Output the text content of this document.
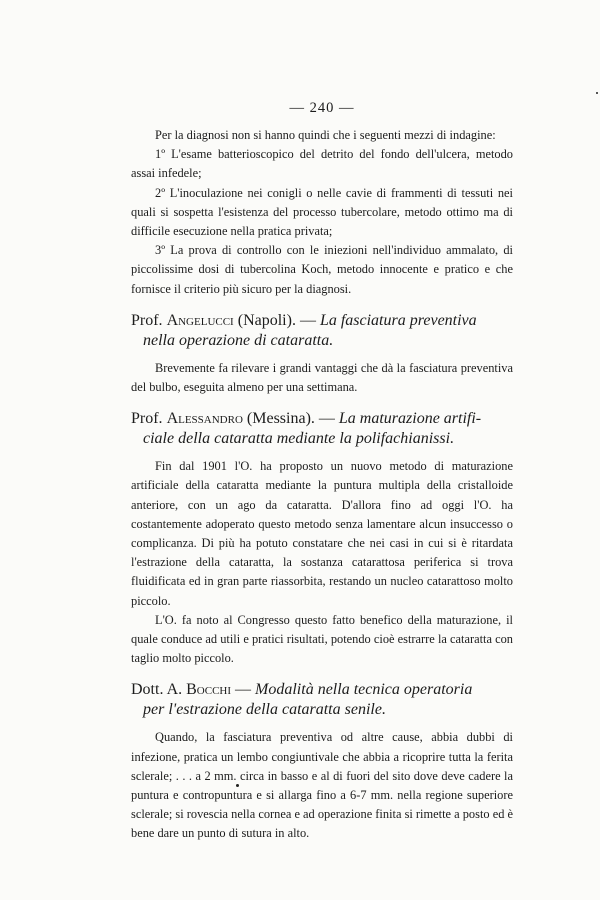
— 240 —

Per la diagnosi non si hanno quindi che i seguenti mezzi di indagine:

1º L'esame batterioscopico del detrito del fondo dell'ulcera, metodo assai infedele;

2º L'inoculazione nei conigli o nelle cavie di frammenti di tessuti nei quali si sospetta l'esistenza del processo tubercolare, metodo ottimo ma di difficile esecuzione nella pratica privata;

3º La prova di controllo con le iniezioni nell'individuo ammalato, di piccolissime dosi di tubercolina Koch, metodo innocente e pratico e che fornisce il criterio più sicuro per la diagnosi.

Prof. Angelucci (Napoli). — La fasciatura preventiva
nella operazione di cataratta.

Brevemente fa rilevare i grandi vantaggi che dà la fasciatura preventiva del bulbo, eseguita almeno per una settimana.

Prof. Alessandro (Messina). — La maturazione artifi-
ciale della cataratta mediante la polifachianissi.

Fin dal 1901 l'O. ha proposto un nuovo metodo di maturazione artificiale della cataratta mediante la puntura multipla della cristalloide anteriore, con un ago da cataratta. D'allora fino ad oggi l'O. ha costantemente adoperato questo metodo senza lamentare alcun insuccesso o complicanza. Di più ha potuto constatare che nei casi in cui si è ritardata l'estrazione della cataratta, la sostanza catarattosa periferica si trova fluidificata ed in gran parte riassorbita, restando un nucleo catarattoso molto piccolo.

L'O. fa noto al Congresso questo fatto benefico della maturazione, il quale conduce ad utili e pratici risultati, potendo cioè estrarre la cataratta con taglio molto piccolo.

Dott. A. Bocchi — Modalità nella tecnica operatoria
per l'estrazione della cataratta senile.

Quando, la fasciatura preventiva od altre cause, abbia dubbi di infezione, pratica un lembo congiuntivale che abbia a ricoprire tutta la ferita sclerale; . . . a 2 mm. circa in basso e al di fuori del sito dove deve cadere la puntura e contropuntura e si allarga fino a 6-7 mm. nella regione superiore sclerale; si rovescia nella cornea e ad operazione finita si rimette a posto ed è bene dare un punto di sutura in alto.
